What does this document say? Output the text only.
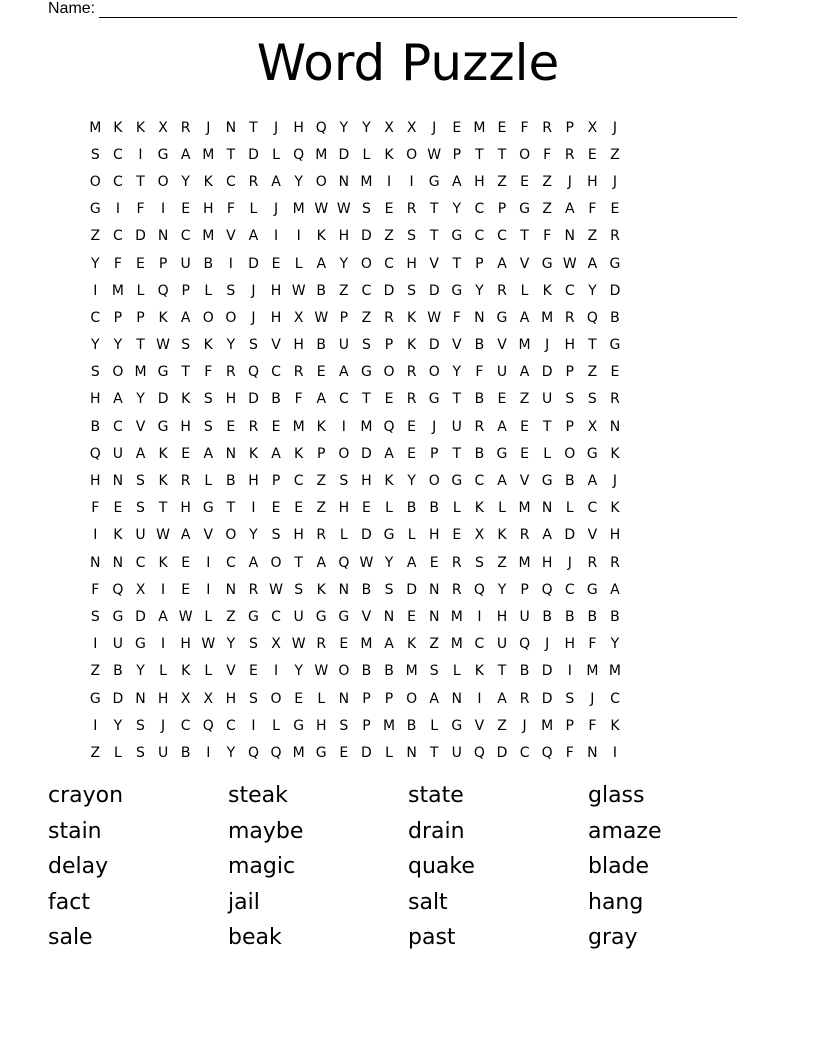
Name:
Word Puzzle
M K K X R	J	N T	J	H Q Y	Y X X	J	E M E	F R P X	J
S C	I	G A M T D L Q M D L	K O W P	T	T O F R E Z
O C T O Y K C R A Y O N M	I	I	G A H Z E Z	J	H	J
G	I	F	I	E H F	L	J	M W W S E R T	Y C P G Z A F	E
Z C D N C M V A	I	I	K H D Z S T G C C T	F N Z R
Y	F	E P U B	I	D E	L A Y O C H V T	P A V G W A G
I	M L Q P	L	S	J	H W B Z C D S D G Y R L	K C Y D
C P	P K A O O	J	H X W P Z R K W F N G A M R Q B
Y	Y	T W S K Y S V H B U S P K D V B V M	J	H T G
S O M G T	F R Q C R E A G O R O Y	F U A D P Z E
H A Y D K S H D B F A C T E R G T B E Z U S S R
B C V G H S E R E M K	I	M Q E	J	U R A E T	P X N
Q U A K E A N K A K P O D A E P	T B G E	L O G K
H N S K R L B H P C Z S H K Y O G C A V G B A	J
F	E S T H G T	I	E E Z H E	L B B L	K	L M N L C K
I	K U W A V O Y S H R L D G L H E X K R A D V H
N N C K E	I	C A O T A Q W Y A E R S Z M H	J	R R
F Q X	I	E	I	N R W S K N B S D N R Q Y	P Q C G A
S G D A W L Z G C U G G V N E N M	I	H U B B B B
I	U G	I	H W Y S X W R E M A K Z M C U Q	J	H F	Y
Z B Y	L	K	L V E	I	Y W O B B M S	L	K T B D	I	M M
G D N H X X H S O E	L N P	P O A N	I	A R D S	J	C
I	Y S	J	C Q C	I	L G H S P M B L G V Z	J	M P	F K
Z L	S U B	I	Y Q Q M G E D L N T U Q D C Q F N	I
crayon	steak	state	glass
stain	maybe	drain	amaze
delay	magic	quake	blade
fact	jail	salt	hang
sale	beak	past	gray
